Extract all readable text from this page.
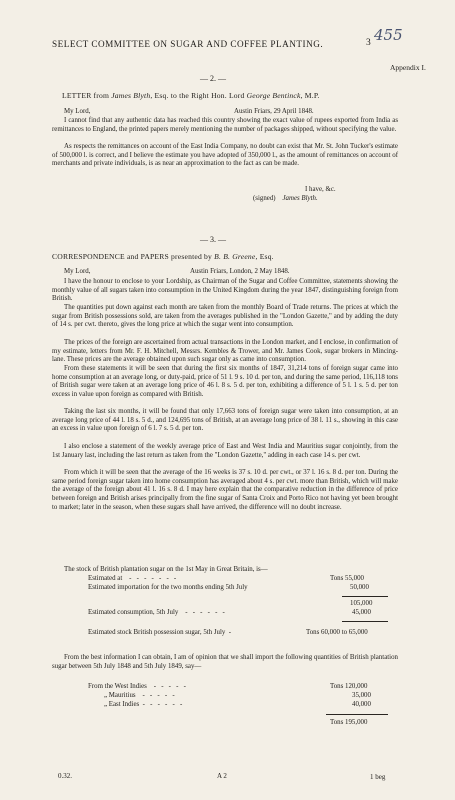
SELECT COMMITTEE ON SUGAR AND COFFEE PLANTING.	3 455
Appendix I.
— 2. —
LETTER from James Blyth, Esq. to the Right Hon. Lord George Bentinck, M.P.
My Lord,	Austin Friars, 29 April 1848.
I cannot find that any authentic data has reached this country showing the exact value of rupees exported from India as remittances to England, the printed papers merely mentioning the number of packages shipped, without specifying the value.
As respects the remittances on account of the East India Company, no doubt can exist that Mr. St. John Tucker's estimate of 500,000 l. is correct, and I believe the estimate you have adopted of 350,000 l., as the amount of remittances on account of merchants and private individuals, is as near an approximation to the fact as can be made.
I have, &c.
(signed) James Blyth.
— 3. —
CORRESPONDENCE and PAPERS presented by B. B. Greene, Esq.
My Lord,	Austin Friars, London, 2 May 1848.
I have the honour to enclose to your Lordship, as Chairman of the Sugar and Coffee Committee, statements showing the monthly value of all sugars taken into consumption in the United Kingdom during the year 1847, distinguishing foreign from British.
The quantities put down against each month are taken from the monthly Board of Trade returns. The prices at which the sugar from British possessions sold, are taken from the averages published in the "London Gazette," and by adding the duty of 14 s. per cwt. thereto, gives the long price at which the sugar went into consumption.
The prices of the foreign are ascertained from actual transactions in the London market, and I enclose, in confirmation of my estimate, letters from Mr. F. H. Mitchell, Messrs. Kembles & Trower, and Mr. James Cook, sugar brokers in Mincing-lane. These prices are the average obtained upon such sugar only as came into consumption.
From these statements it will be seen that during the first six months of 1847, 31,214 tons of foreign sugar came into home consumption at an average long, or duty-paid, price of 51 l. 9 s. 10 d. per ton, and during the same period, 116,118 tons of British sugar were taken at an average long price of 46 l. 8 s. 5 d. per ton, exhibiting a difference of 5 l. 1 s. 5 d. per ton excess in value upon foreign as compared with British.
Taking the last six months, it will be found that only 17,663 tons of foreign sugar were taken into consumption, at an average long price of 44 l. 18 s. 5 d., and 124,695 tons of British, at an average long price of 38 l. 11 s., showing in this case an excess in value upon foreign of 6 l. 7 s. 5 d. per ton.
I also enclose a statement of the weekly average price of East and West India and Mauritius sugar conjointly, from the 1st January last, including the last return as taken from the "London Gazette," adding in each case 14 s. per cwt.
From which it will be seen that the average of the 16 weeks is 37 s. 10 d. per cwt., or 37 l. 16 s. 8 d. per ton. During the same period foreign sugar taken into home consumption has averaged about 4 s. per cwt. more than British, which will make the average of the foreign about 41 l. 16 s. 8 d. I may here explain that the comparative reduction in the difference of price between foreign and British arises principally from the fine sugar of Santa Croix and Porto Rico not having yet been brought to market; later in the season, when these sugars shall have arrived, the difference will no doubt increase.
The stock of British plantation sugar on the 1st May in Great Britain, is—
Estimated at    -   -   -   -   -   -   -	Tons 55,000
Estimated importation for the two months ending 5th July	50,000
105,000
Estimated consumption, 5th July    -   -   -   -   -   -	45,000
Estimated stock British possession sugar, 5th July  -	Tons 60,000 to 65,000
From the best information I can obtain, I am of opinion that we shall import the following quantities of British plantation sugar between 5th July 1848 and 5th July 1849, say—
From the West Indies    -   -   -   -   -	Tons 120,000
„ Mauritius    -   -   -   -   -	35,000
„ East Indies  -   -   -   -   -   -	40,000
Tons 195,000
0.32.	A 2	1 beg
